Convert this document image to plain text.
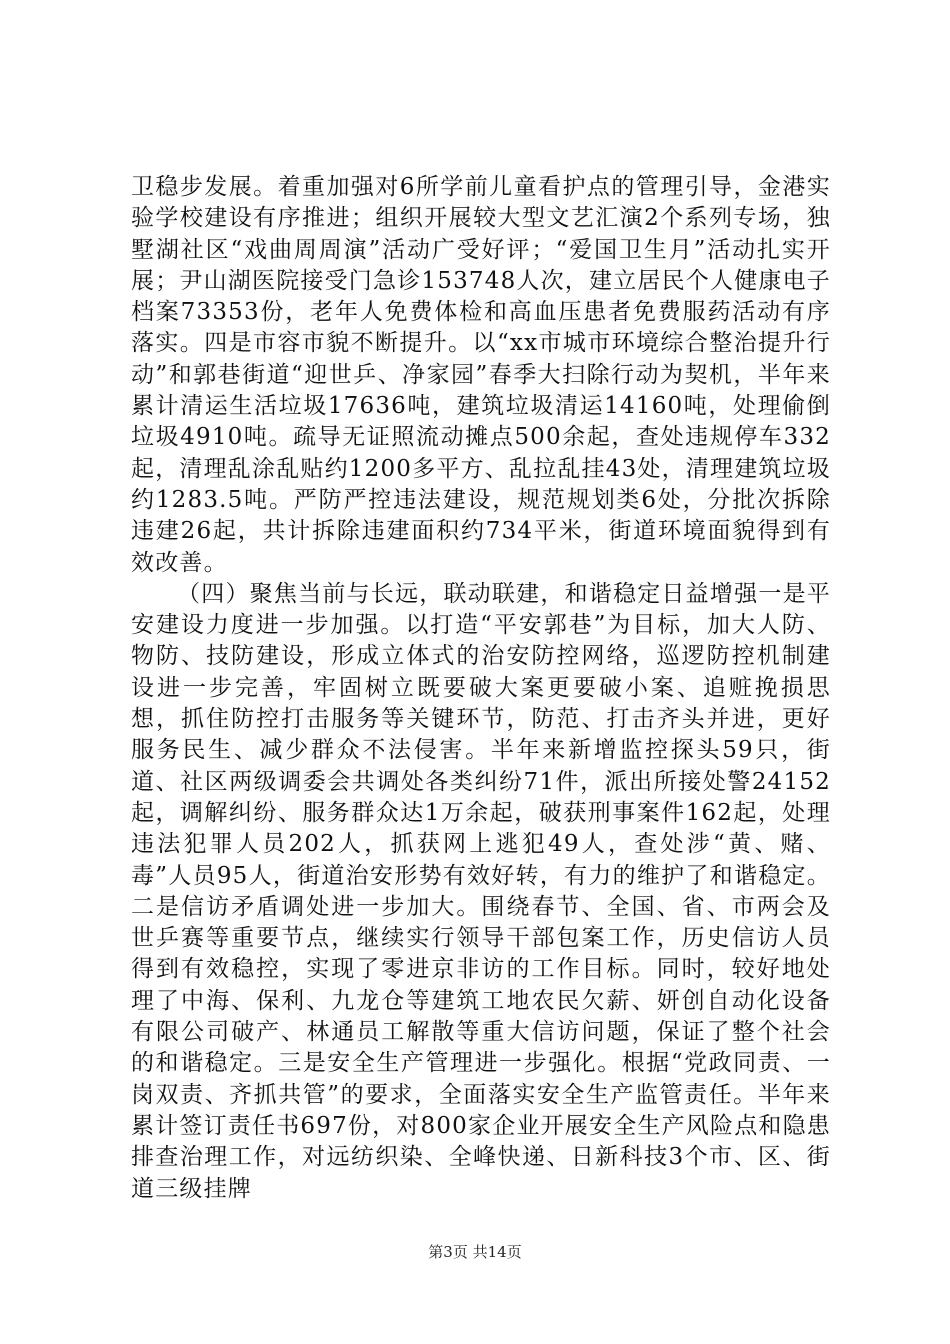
卫稳步发展。着重加强对6所学前儿童看护点的管理引导，金港实验学校建设有序推进；组织开展较大型文艺汇演2个系列专场，独墅湖社区“戏曲周周演”活动广受好评；“爱国卫生月”活动扎实开展；尹山湖医院接受门急诊153748人次，建立居民个人健康电子档案73353份，老年人免费体检和高血压患者免费服药活动有序落实。四是市容市貌不断提升。以“xx市城市环境综合整治提升行动”和郭巷街道“迎世乒、净家园”春季大扫除行动为契机，半年来累计清运生活垃圾17636吨，建筑垃圾清运14160吨，处理偷倒垃圾4910吨。疏导无证照流动摊点500余起，查处违规停车332起，清理乱涂乱贴约1200多平方、乱拉乱挂43处，清理建筑垃圾约1283.5吨。严防严控违法建设，规范规划类6处，分批次拆除违建26起，共计拆除违建面积约734平米，街道环境面貌得到有效改善。

（四）聚焦当前与长远，联动联建，和谐稳定日益增强一是平安建设力度进一步加强。以打造“平安郭巷”为目标，加大人防、物防、技防建设，形成立体式的治安防控网络，巡逻防控机制建设进一步完善，牢固树立既要破大案更要破小案、追赃挽损思想，抓住防控打击服务等关键环节，防范、打击齐头并进，更好服务民生、减少群众不法侵害。半年来新增监控探头59只，街道、社区两级调委会共调处各类纠纷71件，派出所接处警24152起，调解纠纷、服务群众达1万余起，破获刑事案件162起，处理违法犯罪人员202人，抓获网上逃犯49人，查处涉“黄、赌、毒”人员95人，街道治安形势有效好转，有力的维护了和谐稳定。二是信访矛盾调处进一步加大。围绕春节、全国、省、市两会及世乒赛等重要节点，继续实行领导干部包案工作，历史信访人员得到有效稳控，实现了零进京非访的工作目标。同时，较好地处理了中海、保利、九龙仓等建筑工地农民欠薪、妍创自动化设备有限公司破产、林通员工解散等重大信访问题，保证了整个社会的和谐稳定。三是安全生产管理进一步强化。根据“党政同责、一岗双责、齐抓共管”的要求，全面落实安全生产监管责任。半年来累计签订责任书697份，对800家企业开展安全生产风险点和隐患排查治理工作，对远纺织染、全峰快递、日新科技3个市、区、街道三级挂牌

第3页 共14页
